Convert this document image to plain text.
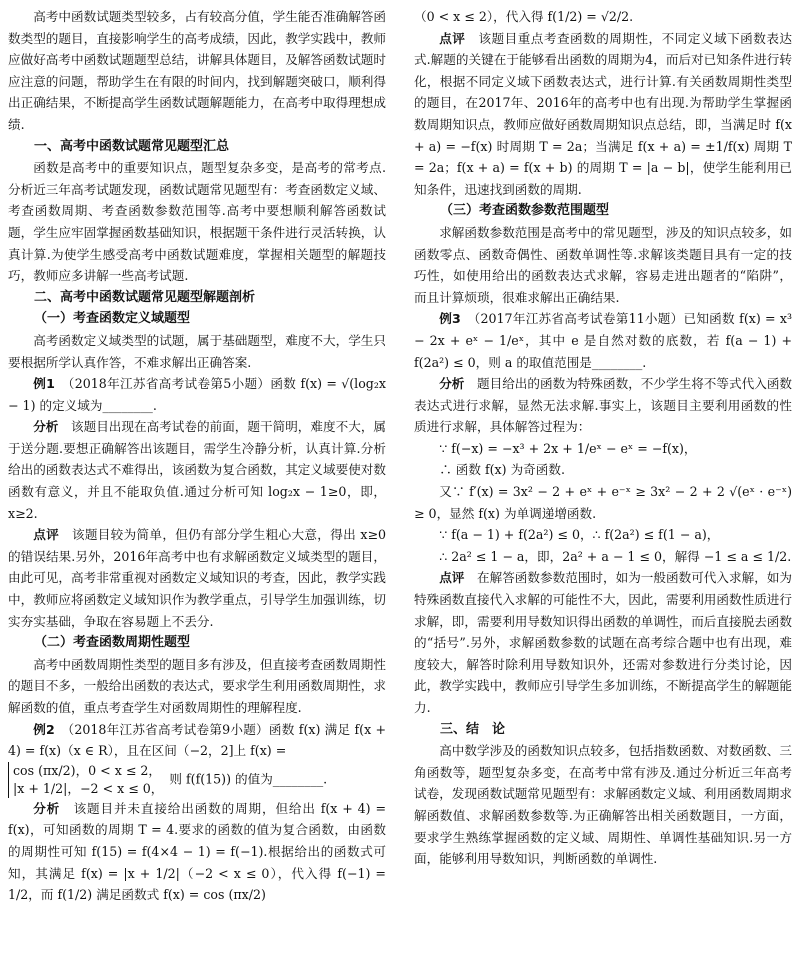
高考中函数试题类型较多，占有较高分值，学生能否准确解答函数类型的题目，直接影响学生的高考成绩，因此，教学实践中，教师应做好高考中函数试题题型总结，讲解具体题目，及解答函数试题时应注意的问题，帮助学生在有限的时间内，找到解题突破口，顺利得出正确结果，不断提高学生函数试题解题能力，在高考中取得理想成绩.

一、高考中函数试题常见题型汇总

函数是高考中的重要知识点，题型复杂多变，是高考的常考点.分析近三年高考试题发现，函数试题常见题型有：考查函数定义域、考查函数周期、考查函数参数范围等.高考中要想顺利解答函数试题，学生应牢固掌握函数基础知识，根据题干条件进行灵活转换，认真计算.为使学生感受高考中函数试题难度，掌握相关题型的解题技巧，教师应多讲解一些高考试题.

二、高考中函数试题常见题型解题剖析

（一）考查函数定义域题型

高考函数定义域类型的试题，属于基础题型，难度不大，学生只要根据所学认真作答，不难求解出正确答案.

例1　 （2018年江苏省高考试卷第5小题）函数 f(x) = √(log₂x − 1) 的定义域为________.

分析　 该题目出现在高考试卷的前面，题干简明，难度不大，属于送分题.要想正确解答出该题目，需学生冷静分析，认真计算.分析给出的函数表达式不难得出，该函数为复合函数，其定义域要使对数函数有意义，并且不能取负值.通过分析可知 log₂x − 1≥0，即，x≥2.

点评　 该题目较为简单，但仍有部分学生粗心大意，得出 x≥0 的错误结果.另外，2016年高考中也有求解函数定义域类型的题目，由此可见，高考非常重视对函数定义域知识的考查，因此，教学实践中，教师应将函数定义域知识作为教学重点，引导学生加强训练，切实夯实基础，争取在容易题上不丢分.

（二）考查函数周期性题型

高考中函数周期性类型的题目多有涉及，但直接考查函数周期性的题目不多，一般给出函数的表达式，要求学生利用函数周期性，求解函数的值，重点考查学生对函数周期性的理解程度.

例2　 （2018年江苏省高考试卷第9小题）函数 f(x) 满足 f(x + 4) = f(x)（x ∈ R），且在区间（−2，2]上 f(x) =

cos (πx/2)，0 < x ≤ 2，
|x + 1/2|，−2 < x ≤ 0，则 f(f(15)) 的值为________.

分析　 该题目并未直接给出函数的周期，但给出 f(x + 4) = f(x)，可知函数的周期 T = 4.要求的函数的值为复合函数，由函数的周期性可知 f(15) = f(4×4 − 1) = f(−1).根据给出的函数式可知，其满足 f(x) = |x + 1/2|（−2 < x ≤ 0），代入得 f(−1) = 1/2，而 f(1/2) 满足函数式 f(x) = cos (πx/2)

（0 < x ≤ 2），代入得 f(1/2) = √2/2.

点评　 该题目重点考查函数的周期性，不同定义域下函数表达式.解题的关键在于能够看出函数的周期为4，而后对已知条件进行转化，根据不同定义域下函数表达式，进行计算.有关函数周期性类型的题目，在2017年、2016年的高考中也有出现.为帮助学生掌握函数周期知识点，教师应做好函数周期知识点总结，即，当满足时 f(x + a) = −f(x) 时周期 T = 2a；当满足 f(x + a) = ±1/f(x) 周期 T = 2a；f(x + a) = f(x + b) 的周期 T = |a − b|，使学生能利用已知条件，迅速找到函数的周期.

（三）考查函数参数范围题型

求解函数参数范围是高考中的常见题型，涉及的知识点较多，如函数零点、函数奇偶性、函数单调性等.求解该类题目具有一定的技巧性，如使用给出的函数表达式求解，容易走进出题者的“陷阱”，而且计算烦琐，很难求解出正确结果.

例3　 （2017年江苏省高考试卷第11小题）已知函数 f(x) = x³ − 2x + eˣ − 1/eˣ，其中 e 是自然对数的底数，若 f(a − 1) + f(2a²) ≤ 0，则 a 的取值范围是________.

分析　 题目给出的函数为特殊函数，不少学生将不等式代入函数表达式进行求解，显然无法求解.事实上，该题目主要利用函数的性质进行求解，具体解答过程为：

∵ f(−x) = −x³ + 2x + 1/eˣ − eˣ = −f(x)，

∴ 函数 f(x) 为奇函数.

又∵ f′(x) = 3x² − 2 + eˣ + e⁻ˣ ≥ 3x² − 2 + 2 √(eˣ · e⁻ˣ) ≥ 0，显然 f(x) 为单调递增函数.

∵ f(a − 1) + f(2a²) ≤ 0，∴ f(2a²) ≤ f(1 − a)，

∴ 2a² ≤ 1 − a，即，2a² + a − 1 ≤ 0，解得 −1 ≤ a ≤ 1/2.

点评　 在解答函数参数范围时，如为一般函数可代入求解，如为特殊函数直接代入求解的可能性不大，因此，需要利用函数性质进行求解，即，需要利用导数知识得出函数的单调性，而后直接脱去函数的“括号”.另外，求解函数参数的试题在高考综合题中也有出现，难度较大，解答时除利用导数知识外，还需对参数进行分类讨论，因此，教学实践中，教师应引导学生多加训练，不断提高学生的解题能力.

三、结　论

高中数学涉及的函数知识点较多，包括指数函数、对数函数、三角函数等，题型复杂多变，在高考中常有涉及.通过分析近三年高考试卷，发现函数试题常见题型有：求解函数定义域、利用函数周期求解函数值、求解函数参数等.为正确解答出相关函数题目，一方面，要求学生熟练掌握函数的定义域、周期性、单调性基础知识.另一方面，能够利用导数知识，判断函数的单调性.
